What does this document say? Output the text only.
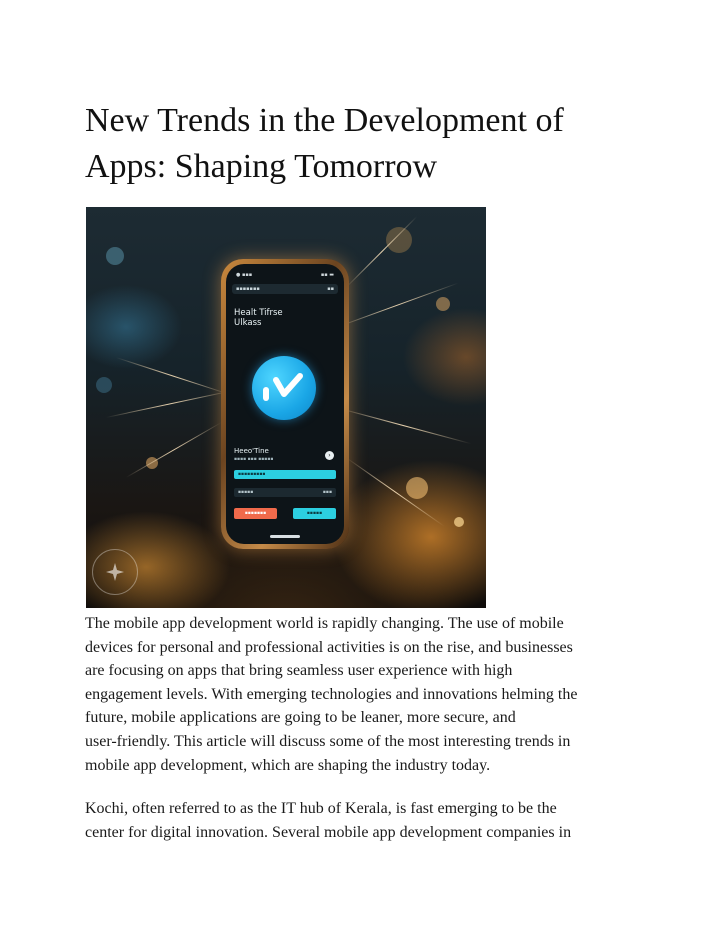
New Trends in the Development of
Apps: Shaping Tomorrow
● ▪▪▪	▪▪ ▬
▪▪▪▪▪▪▪	▪▪
Healt Tifrse
Ulkass
Heeo'Tine
▪▪▪▪ ▪▪▪ ▪▪▪▪▪
›
▪▪▪▪▪▪▪▪▪
▪▪▪▪▪	▪▪▪
▪▪▪▪▪▪▪	▪▪▪▪▪

The mobile app development world is rapidly changing. The use of mobile
devices for personal and professional activities is on the rise, and businesses
are focusing on apps that bring seamless user experience with high
engagement levels. With emerging technologies and innovations helming the
future, mobile applications are going to be leaner, more secure, and
user-friendly. This article will discuss some of the most interesting trends in
mobile app development, which are shaping the industry today.

Kochi, often referred to as the IT hub of Kerala, is fast emerging to be the
center for digital innovation. Several mobile app development companies in
